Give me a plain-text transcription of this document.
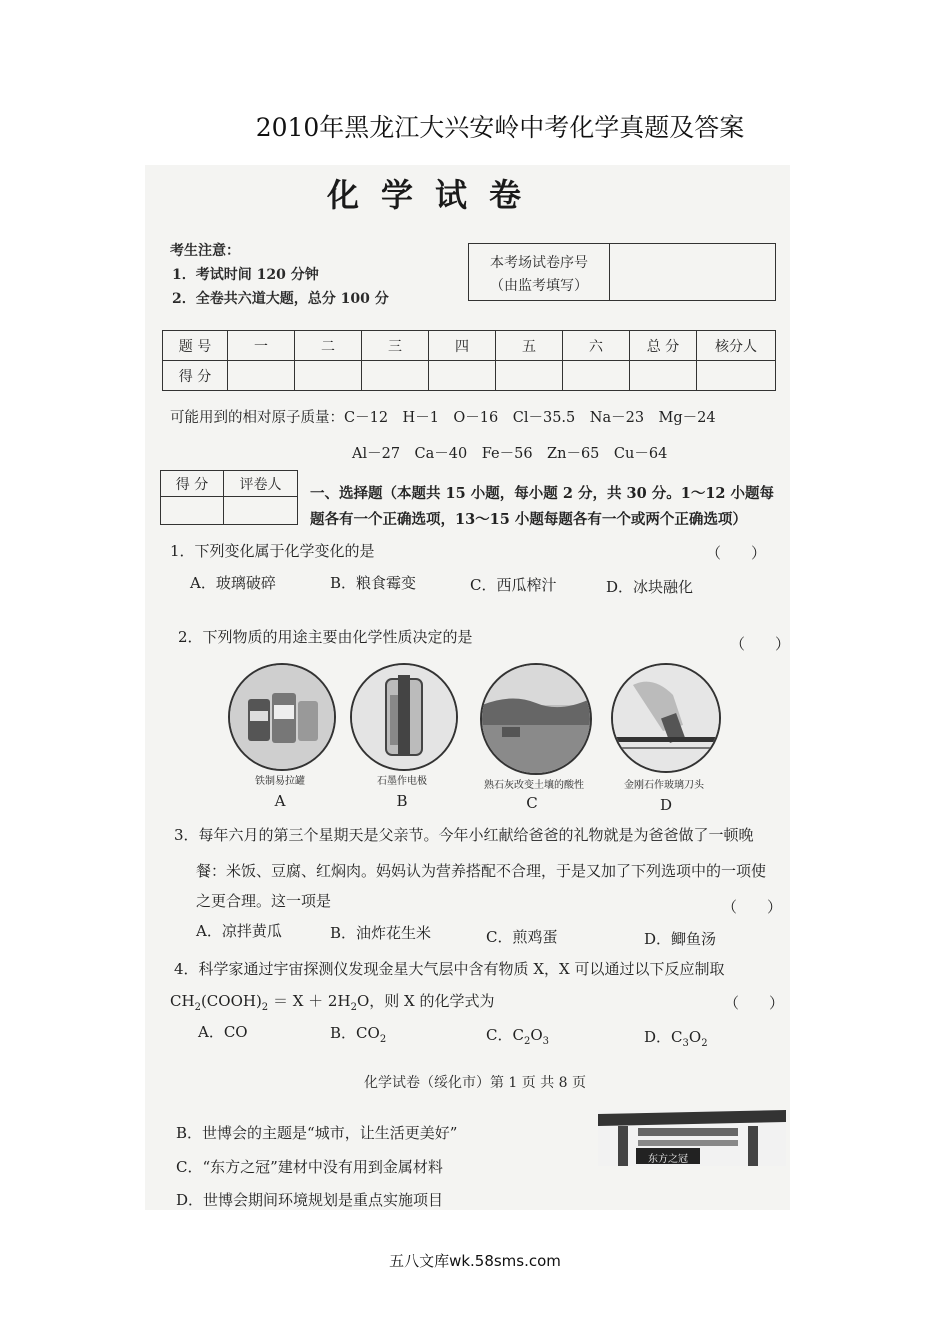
2010年黑龙江大兴安岭中考化学真题及答案
化学试卷
考生注意：
1．考试时间 120 分钟
2．全卷共六道大题，总分 100 分
本考场试卷序号
（由监考填写）
题 号	一	二	三	四	五	六	总 分	核分人
得 分								
可能用到的相对原子质量：C－12　H－1　O－16　Cl－35.5　Na－23　Mg－24
Al－27　Ca－40　Fe－56　Zn－65　Cu－64
得 分	评卷人

一、选择题（本题共 15 小题，每小题 2 分，共 30 分。1～12 小题每
题各有一个正确选项，13～15 小题每题各有一个或两个正确选项）
1．下列变化属于化学变化的是	（　　）
A．玻璃破碎	B．粮食霉变	C．西瓜榨汁	D．冰块融化
2．下列物质的用途主要由化学性质决定的是	（　　）
铁制易拉罐	石墨作电极	熟石灰改变土壤的酸性	金刚石作玻璃刀头
A	B	C	D
3．每年六月的第三个星期天是父亲节。今年小红献给爸爸的礼物就是为爸爸做了一顿晚
餐：米饭、豆腐、红焖肉。妈妈认为营养搭配不合理，于是又加了下列选项中的一项使
之更合理。这一项是	（　　）
A．凉拌黄瓜	B．油炸花生米	C．煎鸡蛋	D．鲫鱼汤
4．科学家通过宇宙探测仪发现金星大气层中含有物质 X，X 可以通过以下反应制取
$CH_2(COOH)_2 = X + 2H_2O$，则 X 的化学式为	（　　）
A．CO	B．$CO_2$	C．$C_2O_3$	D．$C_3O_2$
化学试卷（绥化市）第 1 页 共 8 页
B．世博会的主题是“城市，让生活更美好”
C．“东方之冠”建材中没有用到金属材料
D．世博会期间环境规划是重点实施项目
东方之冠
五八文库wk.58sms.com
